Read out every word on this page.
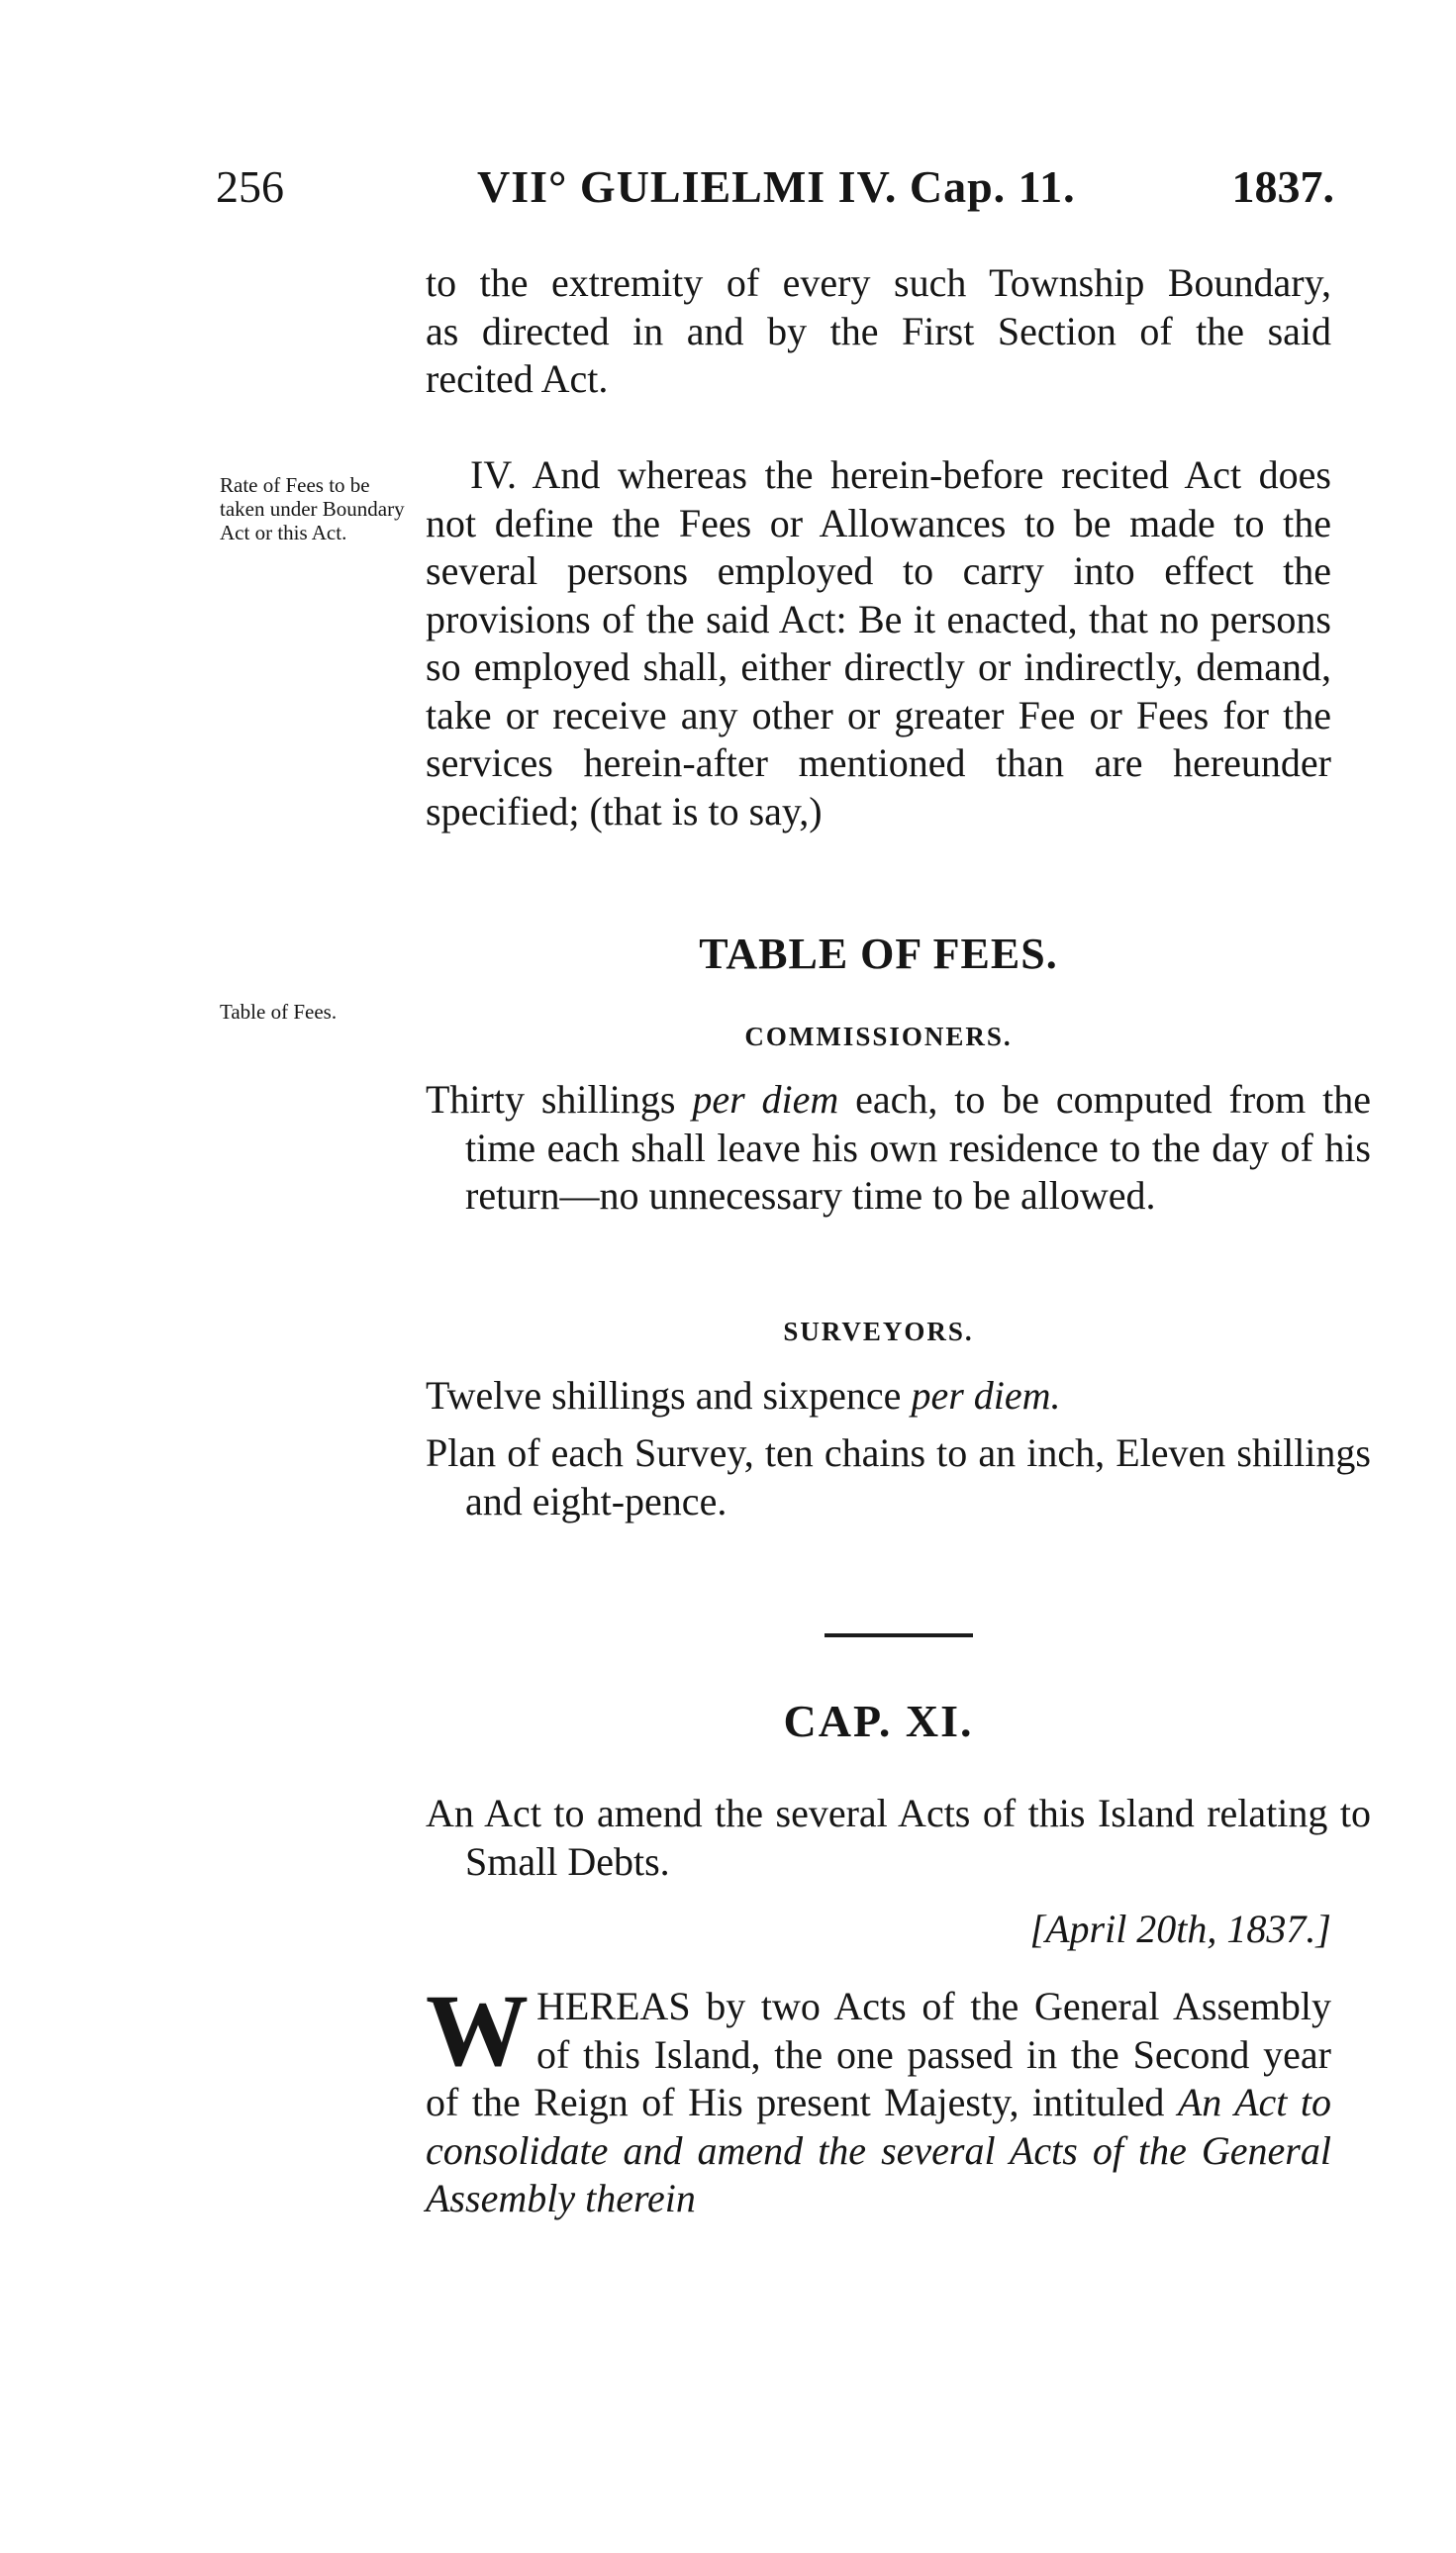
256	VII° GULIELMI IV. Cap. 11.	1837.
to the extremity of every such Township Boundary,
as directed in and by the First Section of the said
recited Act.

Rate of Fees to be taken under Boundary Act or this Act.

IV. And whereas the herein-before recited Act does not define the Fees or Allowances to be made to the several persons employed to carry into effect the provisions of the said Act: Be it enacted, that no persons so employed shall, either directly or indirectly, demand, take or receive any other or greater Fee or Fees for the services herein-after mentioned than are hereunder specified; (that is to say,)

TABLE OF FEES.

Table of Fees.

COMMISSIONERS.

Thirty shillings per diem each, to be computed from the time each shall leave his own residence to the day of his return—no unnecessary time to be allowed.

SURVEYORS.

Twelve shillings and sixpence per diem.

Plan of each Survey, ten chains to an inch, Eleven shillings and eight-pence.

CAP. XI.

An Act to amend the several Acts of this Island relating to Small Debts.

[April 20th, 1837.]

WHEREAS by two Acts of the General Assembly of this Island, the one passed in the Second year of the Reign of His present Majesty, intituled An Act to consolidate and amend the several Acts of the General Assembly therein
